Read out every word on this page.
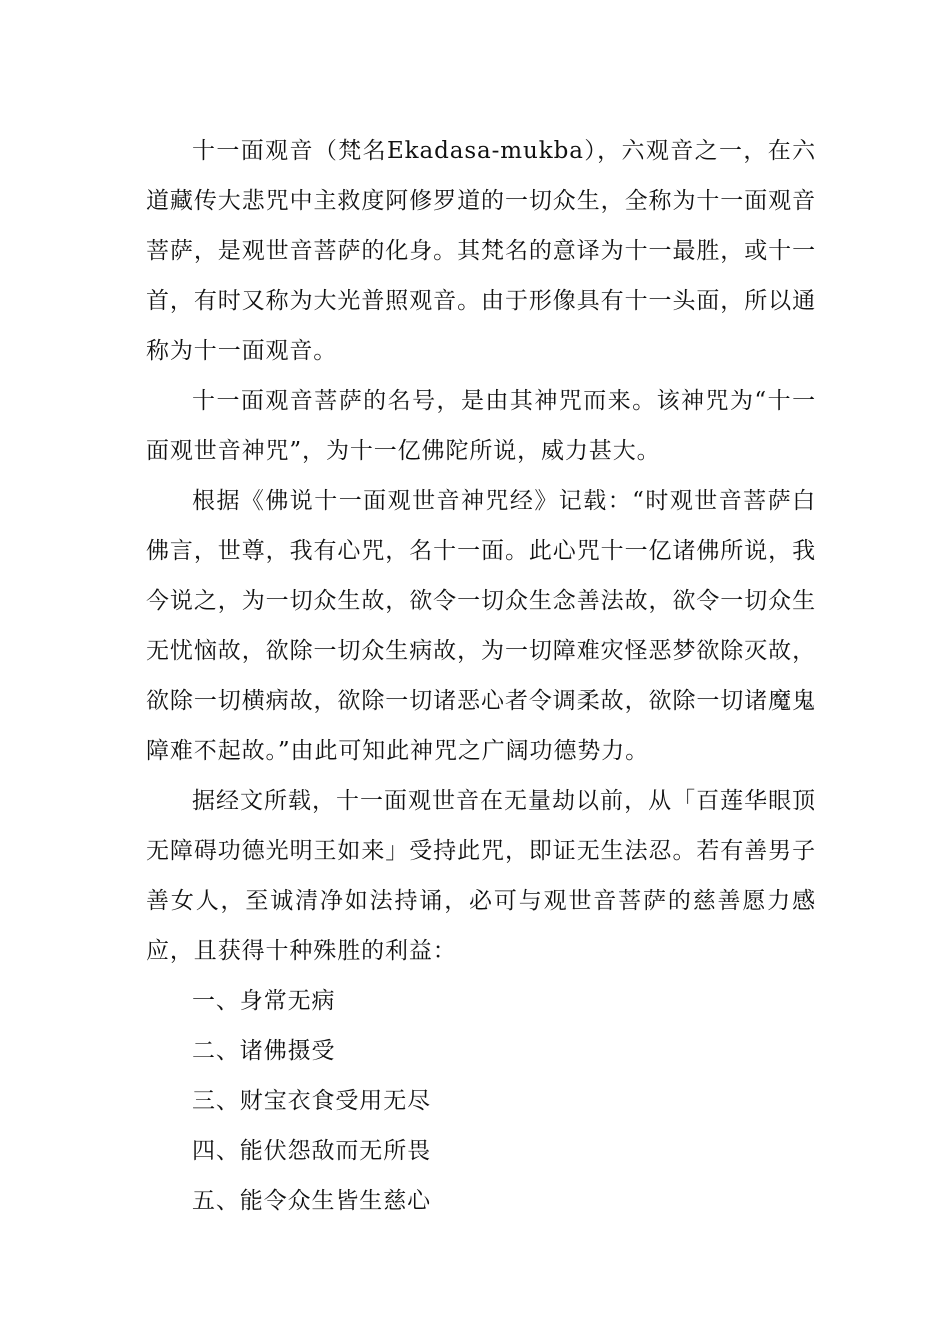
十一面观音（梵名Ekadasa-mukba），六观音之一，在六道藏传大悲咒中主救度阿修罗道的一切众生，全称为十一面观音菩萨，是观世音菩萨的化身。其梵名的意译为十一最胜，或十一首，有时又称为大光普照观音。由于形像具有十一头面，所以通称为十一面观音。

十一面观音菩萨的名号，是由其神咒而来。该神咒为“十一面观世音神咒”，为十一亿佛陀所说，威力甚大。

根据《佛说十一面观世音神咒经》记载：“时观世音菩萨白佛言，世尊，我有心咒，名十一面。此心咒十一亿诸佛所说，我今说之，为一切众生故，欲令一切众生念善法故，欲令一切众生无忧恼故，欲除一切众生病故，为一切障难灾怪恶梦欲除灭故，欲除一切横病故，欲除一切诸恶心者令调柔故，欲除一切诸魔鬼障难不起故。”由此可知此神咒之广阔功德势力。

据经文所载，十一面观世音在无量劫以前，从「百莲华眼顶无障碍功德光明王如来」受持此咒，即证无生法忍。若有善男子善女人，至诚清净如法持诵，必可与观世音菩萨的慈善愿力感应，且获得十种殊胜的利益：

一、身常无病

二、诸佛摄受

三、财宝衣食受用无尽

四、能伏怨敌而无所畏

五、能令众生皆生慈心
